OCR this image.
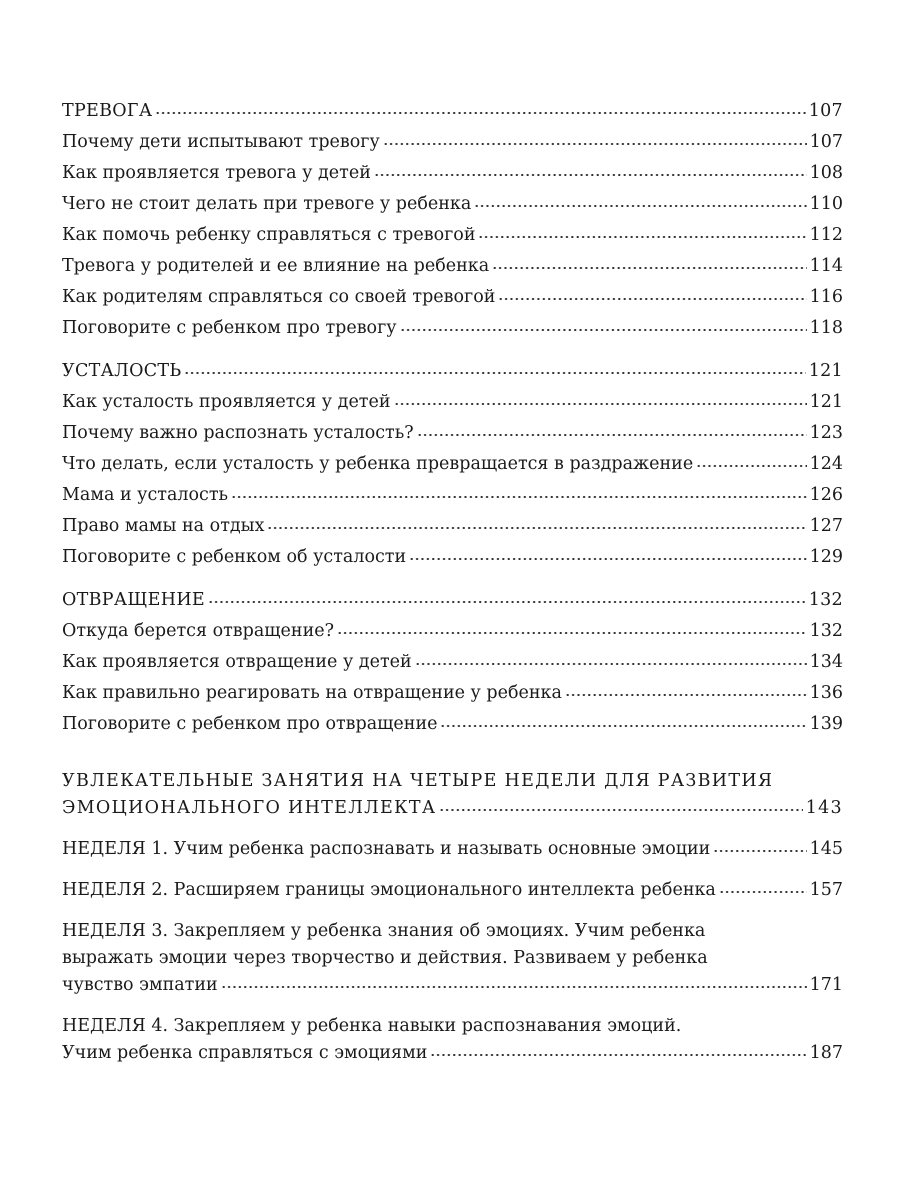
ТРЕВОГА	107
Почему дети испытывают тревогу	107
Как проявляется тревога у детей	108
Чего не стоит делать при тревоге у ребенка	110
Как помочь ребенку справляться с тревогой	112
Тревога у родителей и ее влияние на ребенка	114
Как родителям справляться со своей тревогой	116
Поговорите с ребенком про тревогу	118
УСТАЛОСТЬ	121
Как усталость проявляется у детей	121
Почему важно распознать усталость?	123
Что делать, если усталость у ребенка превращается в раздражение	124
Мама и усталость	126
Право мамы на отдых	127
Поговорите с ребенком об усталости	129
ОТВРАЩЕНИЕ	132
Откуда берется отвращение?	132
Как проявляется отвращение у детей	134
Как правильно реагировать на отвращение у ребенка	136
Поговорите с ребенком про отвращение	139
УВЛЕКАТЕЛЬНЫЕ ЗАНЯТИЯ НА ЧЕТЫРЕ НЕДЕЛИ ДЛЯ РАЗВИТИЯ
ЭМОЦИОНАЛЬНОГО ИНТЕЛЛЕКТА	143
НЕДЕЛЯ 1. Учим ребенка распознавать и называть основные эмоции	145
НЕДЕЛЯ 2. Расширяем границы эмоционального интеллекта ребенка	157
НЕДЕЛЯ 3. Закрепляем у ребенка знания об эмоциях. Учим ребенка
выражать эмоции через творчество и действия. Развиваем у ребенка
чувство эмпатии	171
НЕДЕЛЯ 4. Закрепляем у ребенка навыки распознавания эмоций.
Учим ребенка справляться с эмоциями	187
